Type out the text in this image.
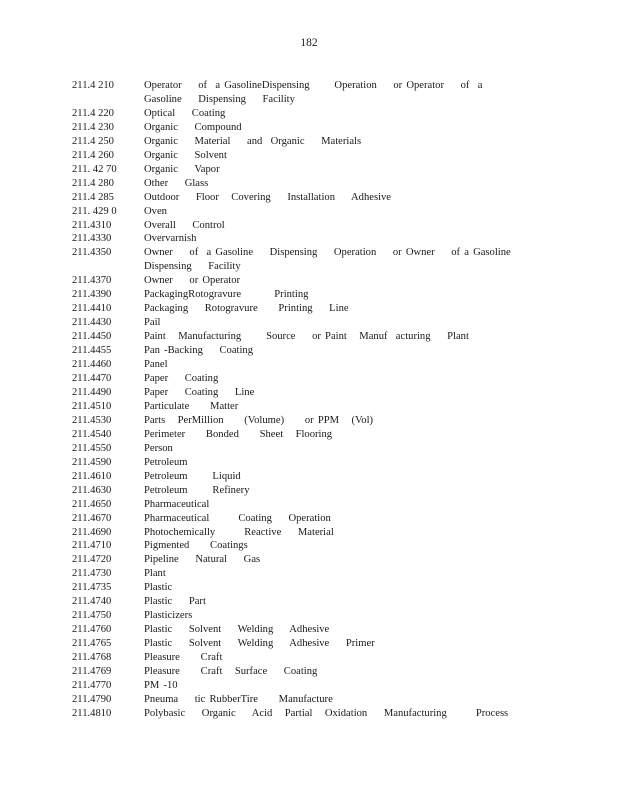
182
211.4 210	Operator    of  a GasolineDispensing      Operation    or Operator    of  a Gasoline    Dispensing    Facility
211.4 220	Optical    Coating
211.4 230	Organic    Compound
211.4 250	Organic    Material    and  Organic    Materials
211.4 260	Organic    Solvent
211. 42 70	Organic    Vapor
211.4 280	Other    Glass
211.4 285	Outdoor    Floor   Covering    Installation    Adhesive
211. 429 0	Oven
211.4310	Overall    Control
211.4330	Overvarnish
211.4350	Owner    of  a Gasoline    Dispensing    Operation    or Owner    of a Gasoline    Dispensing    Facility
211.4370	Owner    or Operator
211.4390	PackagingRotogravure        Printing
211.4410	Packaging    Rotogravure     Printing    Line
211.4430	Pail
211.4450	Paint   Manufacturing      Source    or Paint   Manuf  acturing    Plant
211.4455	Pan -Backing    Coating
211.4460	Panel
211.4470	Paper    Coating
211.4490	Paper    Coating    Line
211.4510	Particulate     Matter
211.4530	Parts   PerMillion     (Volume)     or PPM   (Vol)
211.4540	Perimeter     Bonded     Sheet   Flooring
211.4550	Person
211.4590	Petroleum
211.4610	Petroleum      Liquid
211.4630	Petroleum      Refinery
211.4650	Pharmaceutical
211.4670	Pharmaceutical       Coating    Operation
211.4690	Photochemically       Reactive    Material
211.4710	Pigmented     Coatings
211.4720	Pipeline    Natural    Gas
211.4730	Plant
211.4735	Plastic
211.4740	Plastic    Part
211.4750	Plasticizers
211.4760	Plastic    Solvent    Welding    Adhesive
211.4765	Plastic    Solvent    Welding    Adhesive    Primer
211.4768	Pleasure     Craft
211.4769	Pleasure     Craft   Surface    Coating
211.4770	PM -10
211.4790	Pneuma    tic RubberTire     Manufacture
211.4810	Polybasic    Organic    Acid   Partial   Oxidation    Manufacturing       Process
